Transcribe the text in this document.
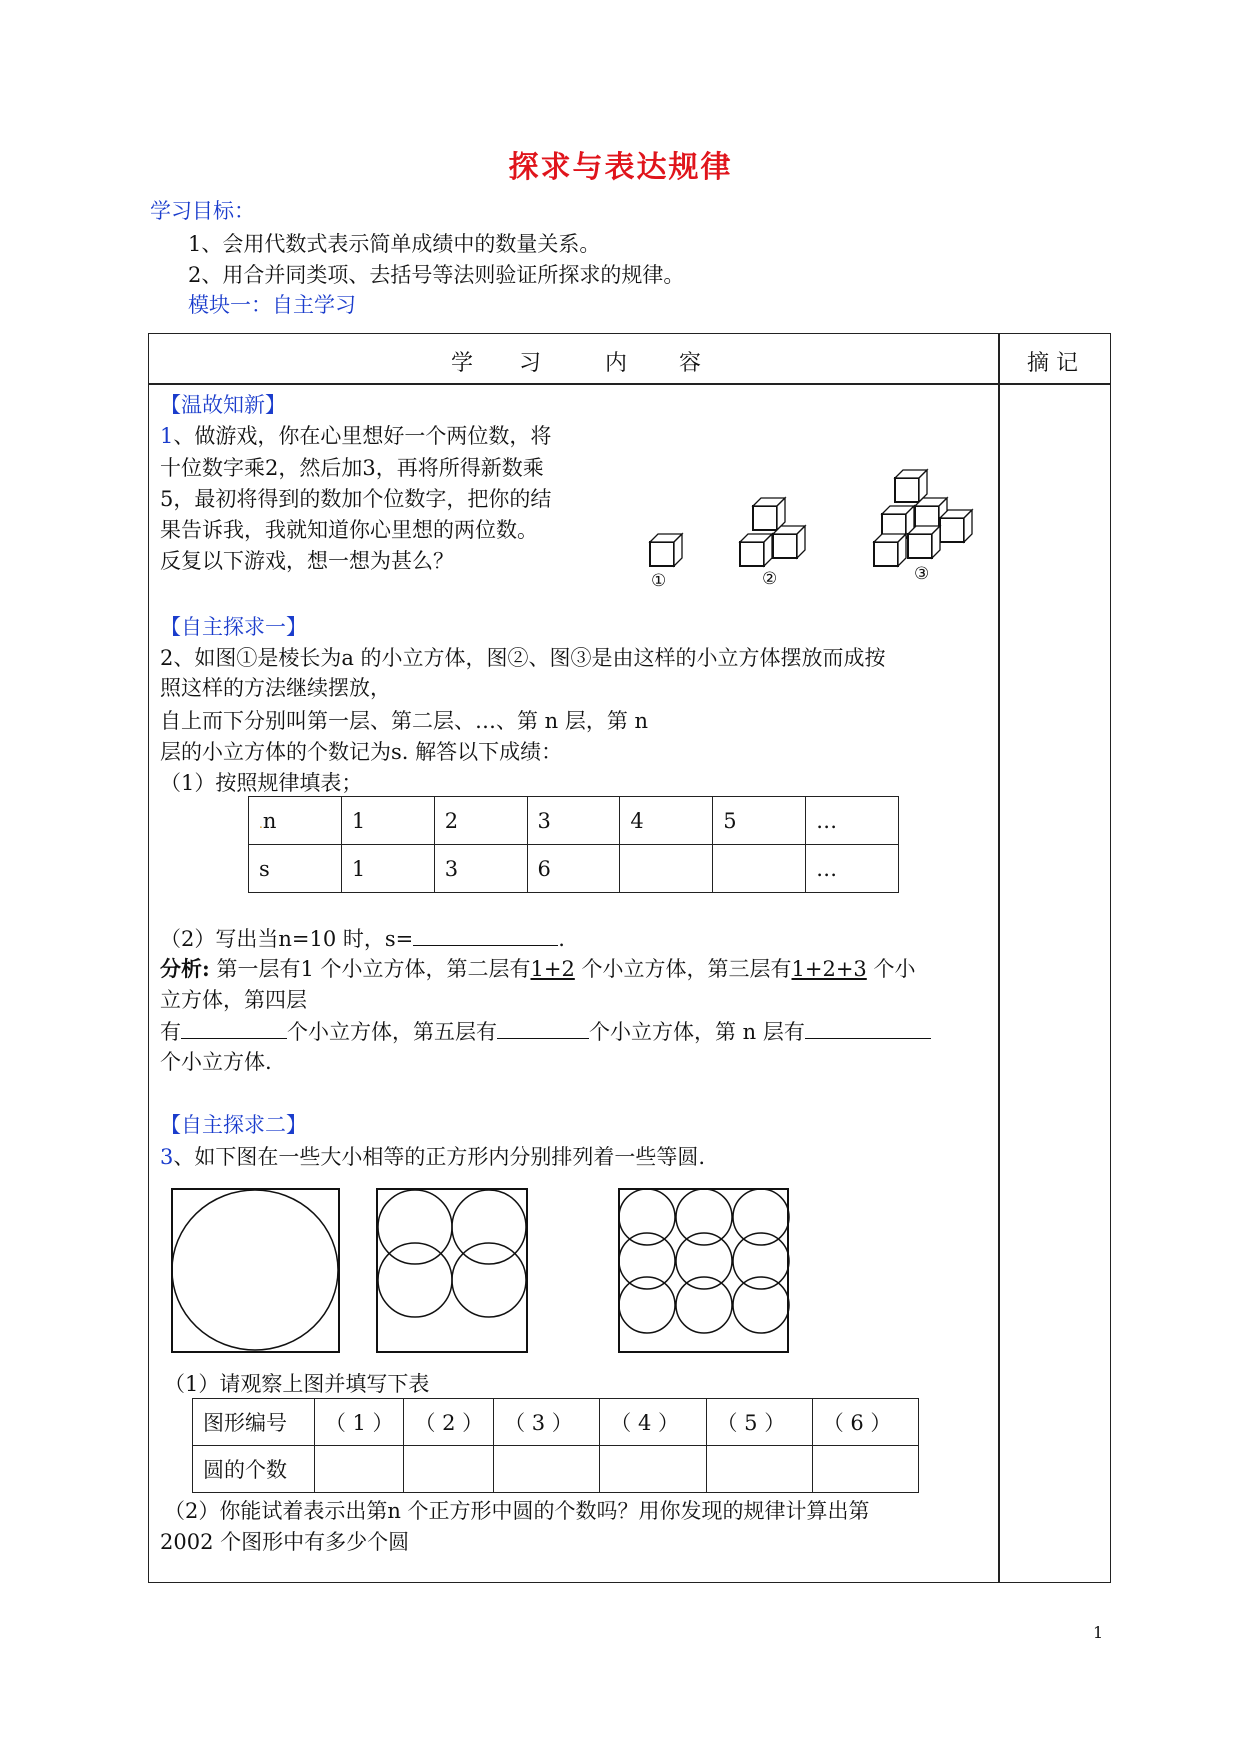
探求与表达规律
学习目标：
1、会用代数式表示简单成绩中的数量关系。
2、用合并同类项、去括号等法则验证所探求的规律。
模块一：自主学习
学 习	内 容	摘 记
【温故知新】
1、做游戏，你在心里想好一个两位数，将
十位数字乘2，然后加3，再将所得新数乘
5，最初将得到的数加个位数字，把你的结
果告诉我，我就知道你心里想的两位数。
反复以下游戏，想一想为甚么？
①	②	③
【自主探求一】
2、如图①是棱长为a 的小立方体，图②、图③是由这样的小立方体摆放而成按
照这样的方法继续摆放，
自上而下分别叫第一层、第二层、…、第 n 层，第 n
层的小立方体的个数记为s. 解答以下成绩：
（1）按照规律填表；
.n	1	2	3	4	5	…
s	1	3	6			…
（2）写出当n=10 时，s=	.
分析: 第一层有1 个小立方体，第二层有1+2 个小立方体，第三层有1+2+3 个小
立方体，第四层
有	个小立方体，第五层有	个小立方体，第 n 层有
个小立方体.
【自主探求二】
3、如下图在一些大小相等的正方形内分别排列着一些等圆.
（1）请观察上图并填写下表
图形编号	（ 1 ）	（ 2 ）	（ 3 ）	（ 4 ）	（ 5 ）	（ 6 ）
圆的个数						
（2）你能试着表示出第n 个正方形中圆的个数吗？用你发现的规律计算出第
2002 个图形中有多少个圆
1
